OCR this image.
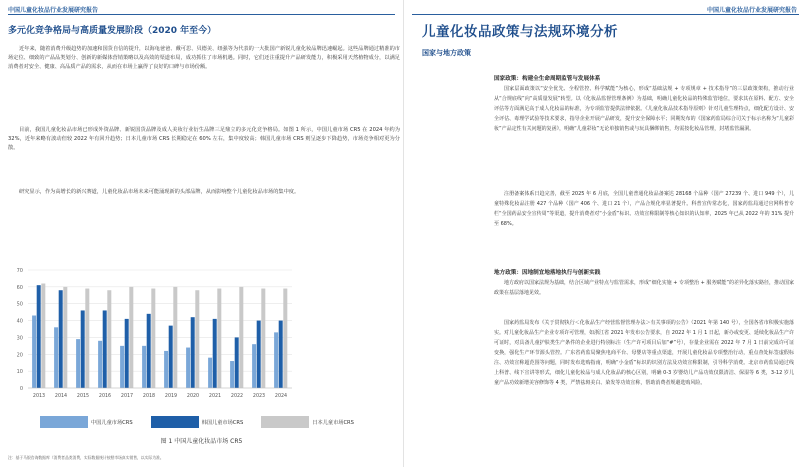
中国儿童化妆品行业发展研究报告
多元化竞争格局与高质量发展阶段（2020 年至今）

近年来，随着消费升级趋势的加速和国货自信的提升，以海龟爸爸、戴可思、贝德美、纽强等为代表的一大批国产新锐儿童化妆品牌迅速崛起。这些品牌通过精准的市场定位、细致的产品品类划分、创新的新媒体营销策略以及高效的渠道布局，成功抓住了市场机遇。同时，它们还注重提升产品研发能力，积极采用天然植物成分，以满足消费者对安全、健康、高品质产品的需求，从而在市场上赢得了良好的口碑与市场份额。

目前，我国儿童化妆品市场已形成外资品牌、新锐国货品牌及成人美妆行业衍生品牌三足鼎立的多元化竞争格局。如图 1 所示，中国儿童市场 CR5 在 2024 年约为 32%，近年来略有波动但较 2022 年有回升趋势；日本儿童市场 CRS 长期稳定在 60% 左右，集中度较高；韩国儿童市场 CRS 则呈逐步下降趋势，市场竞争相对更为分散。

研究显示，作为高增长的新兴赛道，儿童化妆品市场未来可能涌现新的头部品牌，从而影响整个儿童化妆品市场的集中度。

0
10
20
30
40
50
60
70
2013 2014 2015 2016 2017 2018 2019 2020 2021 2022 2023 2024
中国儿童市场CRS	韩国儿童市场CRS	日本儿童市场CRS
图 1 中国儿童化妆品市场 CR5
注：基于马银咨询数据库（消费者品类消费，实际数据统计按照市场真实销售，以实际为准。
中国儿童化妆品行业发展研究报告
儿童化妆品政策与法规环境分析
国家与地方政策
国家政策：构建全生命周期监管与发展体系

国家层面政策以“安全优先、全程管控、科学赋能”为核心，形成“基础法规 + 专项规章 + 技术指导”的三层政策架构，推动行业从“合规底线”向“高质量发展”转型。以《化妆品监督管理条例》为基础，明确儿童化妆品的特殊监管地位，要求其在原料、配方、安全评估等方面满足高于成人化妆品的标准，为专项监管提供法律依据。《儿童化妆品技术指导原则》针对儿童生理特点，细化配方设计、安全评估、毒理学试验等技术要求，指导企业开展产品研发，提升安全保障水平；同期发布的《国家药监局综合司关于标示名称为“儿童彩妆”产品定性有关问题的复函》，明确“儿童彩妆”无论单独销售或与玩具捆绑销售，均需按化妆品管理，封堵监管漏洞。

注册备案体系日趋完善，截至 2025 年 6 月底，全国儿童普通化妆品备案达 28168 个品种（国产 27239 个、进口 949 个），儿童特殊化妆品注册 427 个品种（国产 406 个、进口 21 个），产品合规化率显著提升。科普宣传常态化，国家药监局通过官网科普专栏“全国药品安全宣传周”等渠道，提升消费者对“小金盾”标识、功效宣称限制等核心知识的认知率，2025 年已从 2022 年的 31% 提升至 68%。

地方政策：因地制宜地落地执行与创新实践

地方政府以国家法规为基础，结合区域产业特点与监管需求，形成“细化实施 + 专项整治 + 服务赋能”的差异化落实路径，推动国家政策在基层落地见效。

国家药监局发布《关于贯彻执行＜化妆品生产经营监督管理办法＞有关事项的公告》（2021 年第 140 号），全国各省市积极实施落实。对儿童化妆品生产企业专项许可管理，如浙江省 2021 年发布公告要求，自 2022 年 1 月 1 日起，新办或变更、延续化妆品生产许可证时，对具备儿童护肤类生产条件的企业进行特别标注（生产许可项目后加“#”号），存量企业需在 2022 年 7 月 1 日前完成许可证变换，强化生产环节源头管控。广东省药监局聚焦电商平台、母婴店等重点渠道，开展儿童化妆品专项整治行动，重点查处标签虚假标注、功效宣称超范围等问题，同时发布选购指南，明确“小金盾”标识的识别方法及功效宣称限制，引导科学消费。北京市药监局通过线上科普、线下宣讲等形式，细化儿童化妆品与成人化妆品的核心区别，明确 0-3 岁婴幼儿产品功效仅限清洁、保湿等 6 类，3-12 岁儿童产品功效新增美容修饰等 4 类，严禁祛斑美白、染发等功效宣称，帮助消费者规避选购风险。
